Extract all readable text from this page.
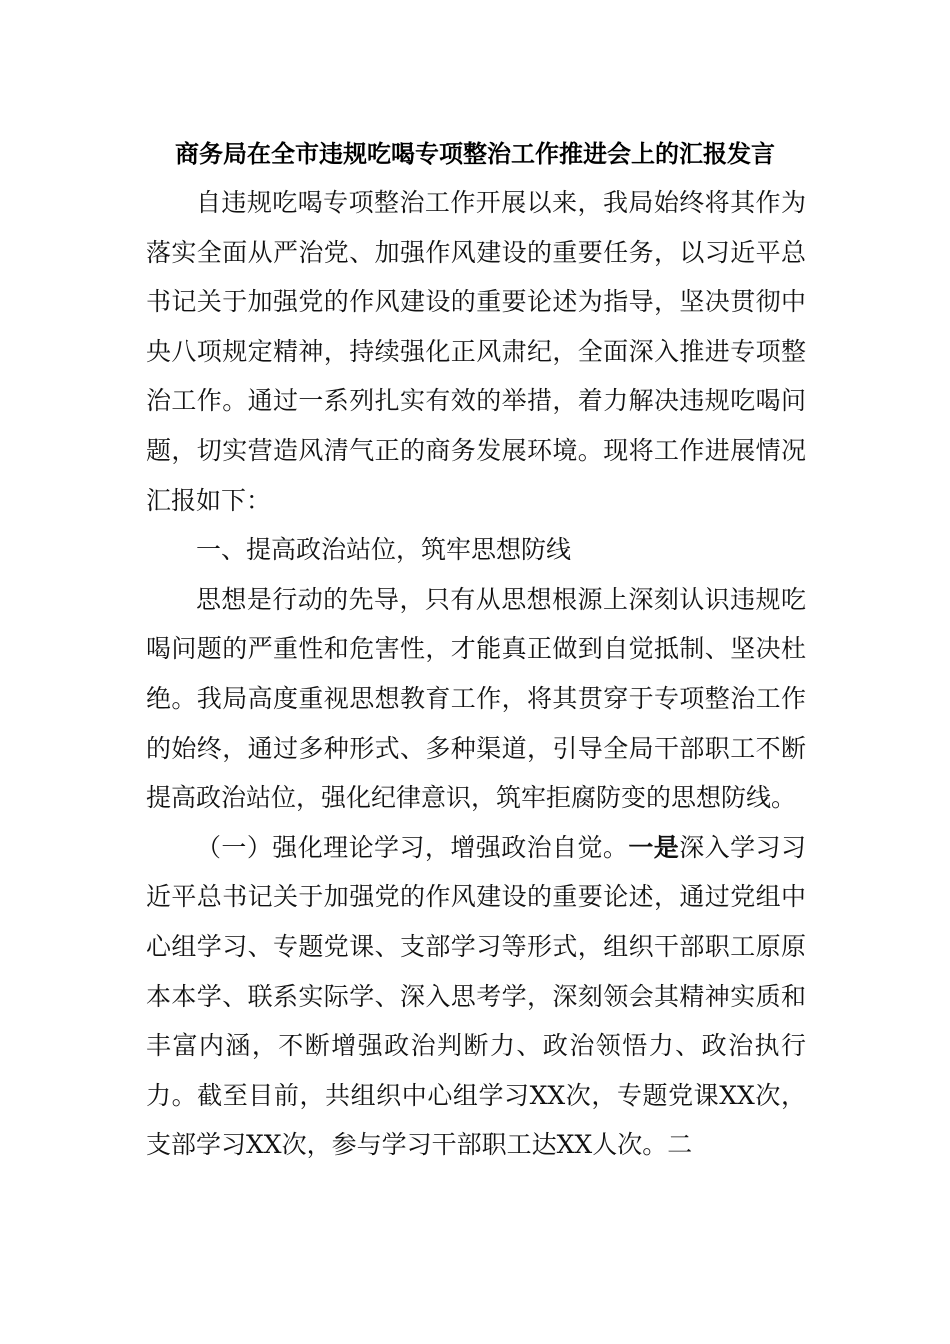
商务局在全市违规吃喝专项整治工作推进会上的汇报发言

自违规吃喝专项整治工作开展以来，我局始终将其作为落实全面从严治党、加强作风建设的重要任务，以习近平总书记关于加强党的作风建设的重要论述为指导，坚决贯彻中央八项规定精神，持续强化正风肃纪，全面深入推进专项整治工作。通过一系列扎实有效的举措，着力解决违规吃喝问题，切实营造风清气正的商务发展环境。现将工作进展情况汇报如下：

一、提高政治站位，筑牢思想防线

思想是行动的先导，只有从思想根源上深刻认识违规吃喝问题的严重性和危害性，才能真正做到自觉抵制、坚决杜绝。我局高度重视思想教育工作，将其贯穿于专项整治工作的始终，通过多种形式、多种渠道，引导全局干部职工不断提高政治站位，强化纪律意识，筑牢拒腐防变的思想防线。

（一）强化理论学习，增强政治自觉。一是深入学习习近平总书记关于加强党的作风建设的重要论述，通过党组中心组学习、专题党课、支部学习等形式，组织干部职工原原本本学、联系实际学、深入思考学，深刻领会其精神实质和丰富内涵，不断增强政治判断力、政治领悟力、政治执行力。截至目前，共组织中心组学习XX次，专题党课XX次，支部学习XX次，参与学习干部职工达XX人次。二
